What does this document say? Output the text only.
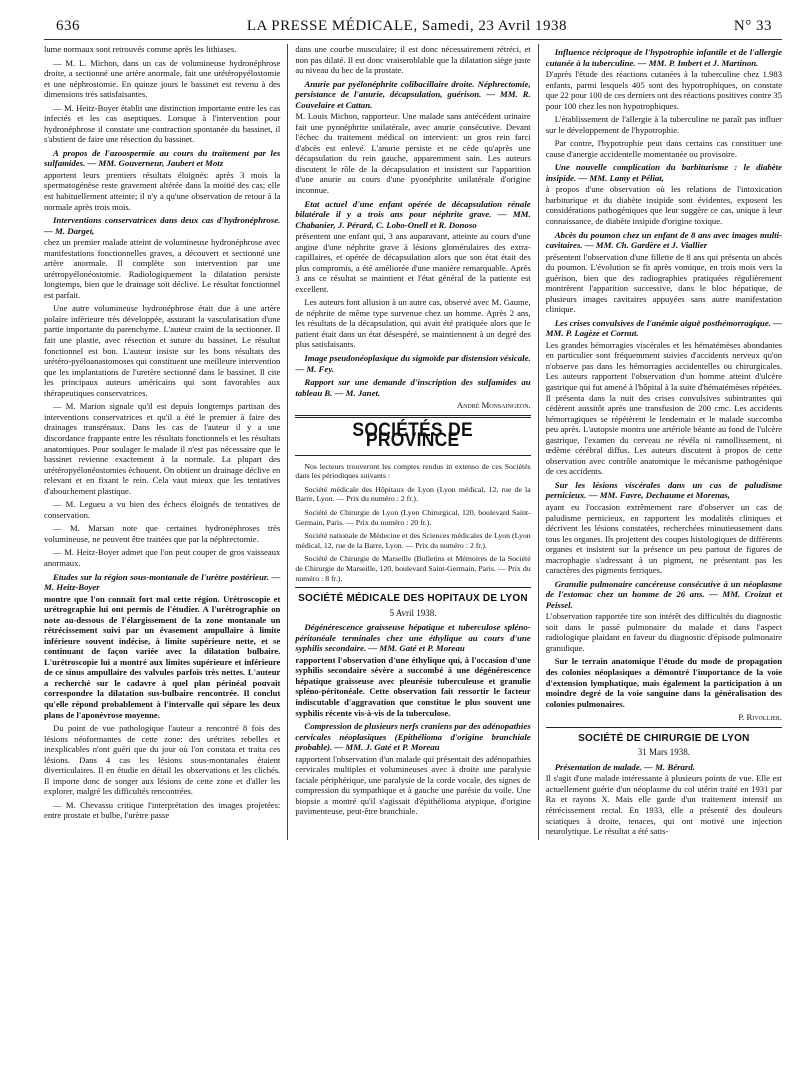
636	LA PRESSE MÉDICALE, Samedi, 23 Avril 1938	N° 33

lume normaux sont retrouvés comme après les lithiases.

— M. L. Michon, dans un cas de volumineuse hydronéphrose droite, a sectionné une artère anormale, fait une urétéropyélostomie et une néphrostomie. En quinze jours le bassinet est revenu à des dimensions très satisfaisantes.

— M. Heitz-Boyer établit une distinction importante entre les cas infectés et les cas aseptiques. Lorsque à l'intervention pour hydronéphrose il constate une contraction spontanée du bassinet, il s'abstient de faire une résection du bassinet.

A propos de l'azoospermie au cours du traitement par les sulfamides. — MM. Gouverneur, Jaubert et Motz

apportent leurs premiers résultats éloignés: après 3 mois la spermatogénèse reste gravement altérée dans la moitié des cas; elle est habituellement atteinte; il n'y a qu'une observation de retour à la normale après trois mois.

Interventions conservatrices dans deux cas d'hydronéphrose. — M. Darget,

chez un premier malade atteint de volumineuse hydronéphrose avec manifestations fonctionnelles graves, a découvert et sectionné une artère anormale. Il complète son intervention par une urétropyélonéostomie. Radiologiquement la dilatation persiste longtemps, bien que le drainage soit déclive. Le résultat fonctionnel est parfait.

Une autre volumineuse hydronéphrose était due à une artère polaire inférieure très développée, assurant la vascularisation d'une partie importante du parenchyme. L'auteur craint de la sectionner. Il fait une plastie, avec résection et suture du bassinet. Le résultat fonctionnel est bon. L'auteur insiste sur les bons résultats des urétéro-pyéloanastomoses qui constituent une meilleure intervention que les implantations de l'uretère sectionné dans le bassinet. Il cite les principaux auteurs américains qui sont favorables aux thérapeutiques conservatrices.

— M. Marion signale qu'il est depuis longtemps partisan des interventions conservatrices et qu'il a été le premier à faire des drainages transrénaux. Dans les cas de l'auteur il y a une discordance frappante entre les résultats fonctionnels et les résultats anatomiques. Pour soulager le malade il n'est pas nécessaire que le bassinet revienne exactement à la normale. La plupart des urétéropyélonéostomies échouent. On obtient un drainage déclive en relevant et en fixant le rein. Cela vaut mieux que les tentatives d'abouchement plastique.

— M. Legueu a vu bien des échecs éloignés de tentatives de conservation.

— M. Marsan note que certaines hydronéphroses très volumineuse, ne peuvent être traitées que par la néphrectomie.

— M. Heitz-Boyer admet que l'on peut couper de gros vaisseaux anormaux.

Etudes sur la région sous-montanale de l'urètre postérieur. — M. Heitz-Boyer

montre que l'on connaît fort mal cette région. Urétroscopie et urétrographie lui ont permis de l'étudier. A l'urétrographie on note au-dessous de l'élargissement de la zone montanale un rétrécissement suivi par un évasement ampullaire à limite inférieure souvent indécise, à limite supérieure nette, et se continuant de façon variée avec la dilatation bulbaire. L'urétroscopie lui a montré aux limites supérieure et inférieure de ce sinus ampullaire des valvules parfois très nettes. L'auteur a recherché sur le cadavre à quel plan périnéal pouvait correspondre la dilatation sus-bulbaire rencontrée. Il conclut qu'elle répond probablement à l'intervalle qui sépare les deux plans de l'aponévrose moyenne.

Du point de vue pathologique l'auteur a rencontré 8 fois des lésions néoformantes de cette zone: des urétrites rebelles et inexplicables n'ont guéri que du jour où l'on constata et traita ces lésions. Dans 4 cas les lésions sous-montanales étaient diverticulaires. Il en étudie en détail les observations et les clichés. Il importe donc de songer aux lésions de cette zone et d'aller les explorer, malgré les difficultés rencontrées.

— M. Chevassu critique l'interprétation des images projetées: entre prostate et bulbe, l'urètre passe

dans une courbe musculaire; il est donc nécessairement rétréci, et non pas dilaté. Il est donc vraisemblable que la dilatation siège juste au niveau du bec de la prostate.

Anurie par pyélonéphrite colibacillaire droite. Néphrectomie, persistance de l'anurie, décapsulation, guérison. — MM. R. Couvelaire et Cattan.

M. Louis Michon, rapporteur. Une malade sans antécédent urinaire fait une pyonéphrite unilatérale, avec anurie consécutive. Devant l'échec du traitement médical on intervient: un gros rein farci d'abcès est enlevé. L'anurie persiste et ne cède qu'après une décapsulation du rein gauche, apparemment sain. Les auteurs discutent le rôle de la décapsulation et insistent sur l'apparition d'une anurie au cours d'une pyonéphrite unilatérale d'origine inconnue.

Etat actuel d'une enfant opérée de décapsulation rénale bilatérale il y a trois ans pour néphrite grave. — MM. Chabanier, J. Pérard, C. Lobo-Onell et R. Donoso

présentent une enfant qui, 3 ans auparavant, atteinte au cours d'une angine d'une néphrite grave à lésions glomérulaires des extra-capillaires, et opérée de décapsulation alors que son état était des plus compromis, a été améliorée d'une manière remarquable. Après 3 ans ce résultat se maintient et l'état général de la patiente est excellent.

Les auteurs font allusion à un autre cas, observé avec M. Gaume, de néphrite de même type survenue chez un homme. Après 2 ans, les résultats de la décapsulation, qui avait été pratiquée alors que le patient était dans un état désespéré, se maintiennent à un degré des plus satisfaisants.

Image pseudonéoplasique du sigmoïde par distension vésicale. — M. Fey.
Rapport sur une demande d'inscription des sulfamides au tableau B. — M. Janet.
André Monsaingeon.
SOCIÉTÉS DE PROVINCE

Nos lecteurs trouveront les comptes rendus in extenso de ces Sociétés dans les périodiques suivants :

Société médicale des Hôpitaux de Lyon (Lyon médical, 12, rue de la Barre, Lyon. — Prix du numéro : 2 fr.).

Société de Chirurgie de Lyon (Lyon Chirurgical, 120, boulevard Saint-Germain, Paris. — Prix du numéro : 20 fr.).

Société nationale de Médecine et des Sciences médicales de Lyon (Lyon médical, 12, rue de la Barre, Lyon. — Prix du numéro : 2 fr.).

Société de Chirurgie de Marseille (Bulletins et Mémoires de la Société de Chirurgie de Marseille, 120, boulevard Saint-Germain, Paris. — Prix du numéro : 8 fr.).

SOCIÉTÉ MÉDICALE DES HOPITAUX DE LYON
5 Avril 1938.
Dégénérescence graisseuse hépatique et tuberculose spléno-péritonéale terminales chez une éthylique au cours d'une syphilis secondaire. — MM. Gaté et P. Moreau

rapportent l'observation d'une éthylique qui, à l'occasion d'une syphilis secondaire sévère a succombé à une dégénérescence hépatique graisseuse avec pleurésie tuberculeuse et granulie spléno-péritonéale. Cette observation fait ressortir le facteur indiscutable d'aggravation que constitue le plus souvent une syphilis récente vis-à-vis de la tuberculose.

Compression de plusieurs nerfs craniens par des adénopathies cervicales néoplasiques (Epithélioma d'origine branchiale probable). — MM. J. Gaté et P. Moreau

rapportent l'observation d'un malade qui présentait des adénopathies cervicales multiples et volumineuses avec à droite une paralysie faciale périphérique, une paralysie de la corde vocale, des signes de compression du sympathique et à gauche une parésie du voile. Une biopsie a montré qu'il s'agissait d'épithélioma atypique, d'origine pavimenteuse, peut-être branchiale.

Influence réciproque de l'hypotrophie infantile et de l'allergie cutanée à la tuberculine. — MM. P. Imbert et J. Martinon.

D'après l'étude des réactions cutanées à la tuberculine chez 1.983 enfants, parmi lesquels 405 sont des hypotrophiques, on constate que 22 pour 100 de ces derniers ont des réactions positives contre 35 pour 100 chez les non hypotrophiques.

L'établissement de l'allergie à la tuberculine ne paraît pas influer sur le développement de l'hypotrophie.

Par contre, l'hypotrophie peut dans certains cas constituer une cause d'anergie accidentelle momentanée ou provisoire.

Une nouvelle complication du barbiturisme : le diabète insipide. — MM. Lamy et Péliat,

à propos d'une observation où les relations de l'intoxication barbiturique et du diabète insipide sont évidentes, exposent les considérations pathogéniques que leur suggère ce cas, unique à leur connaissance, de diabète insipide d'origine toxique.

Abcès du poumon chez un enfant de 8 ans avec images multi-cavitaires. — MM. Ch. Gardère et J. Viallier

présentent l'observation d'une fillette de 8 ans qui présenta un abcès du poumon. L'évolution se fit après vomique, en trois mois vers la guérison, bien que des radiographies pratiquées régulièrement montrèrent l'apparition successive, dans le bloc hépatique, de plusieurs images cavitaires appuyées sans autre manifestation clinique.

Les crises convulsives de l'anémie aiguë posthémorragique. — MM. P. Lagèze et Cornut.

Les grandes hémorragies viscérales et les hématémèses abondantes en particulier sont fréquemment suivies d'accidents nerveux qu'on n'observe pas dans les hémorragies accidentelles ou chirurgicales. Les auteurs rapportent l'observation d'un homme atteint d'ulcère gastrique qui fut amené à l'hôpital à la suite d'hématémèses répétées. Il présenta dans la nuit des crises convulsives subintrantes qui cédèrent aussitôt après une transfusion de 200 cmc. Les accidents hémorragiques se répétèrent le lendemain et le malade succomba peu après. L'autopsie montra une artériole béante au fond de l'ulcère gastrique, l'examen du cerveau ne révéla ni ramollissement, ni œdème cérébral diffus. Les auteurs discutent à propos de cette observation avec contrôle anatomique le mécanisme pathogénique de ces accidents.

Sur les lésions viscérales dans un cas de paludisme pernicieux. — MM. Favre, Dechaume et Morenas,

ayant eu l'occasion extrêmement rare d'observer un cas de paludisme pernicieux, en rapportent les modalités cliniques et décrivent les lésions constatées, recherchées minutieusement dans tous les organes. Ils projettent des coupes histologiques de différents organes et insistent sur la présence un peu partout de figures de macrophagie s'adressant à un pigment, ne présentant pas les caractères des pigments ferriques.

Granulie pulmonaire cancéreuse consécutive à un néoplasme de l'estomac chez un homme de 26 ans. — MM. Croizat et Peissel.

L'observation rapportée tire son intérêt des difficultés du diagnostic soit dans le passé pulmonaire du malade et dans l'aspect radiologique plaidant en faveur du diagnostic d'épisode pulmonaire granulique.

Sur le terrain anatomique l'étude du mode de propagation des colonies néoplasiques a démontré l'importance de la voie d'extension lymphatique, mais également la participation à un moindre degré de la voie sanguine dans la généralisation des colonies pulmonaires.

P. Rivollier.
SOCIÉTÉ DE CHIRURGIE DE LYON
31 Mars 1938.
Présentation de malade. — M. Bérard.

Il s'agit d'une malade intéressante à plusieurs points de vue. Elle est actuellement guérie d'un néoplasme du col utérin traité en 1931 par Ra et rayons X. Mais elle garde d'un traitement intensif un rétrécissement rectal. En 1933, elle a présenté des douleurs sciatiques à droite, tenaces, qui ont motivé une injection neurolytique. Le résultat a été satis-
